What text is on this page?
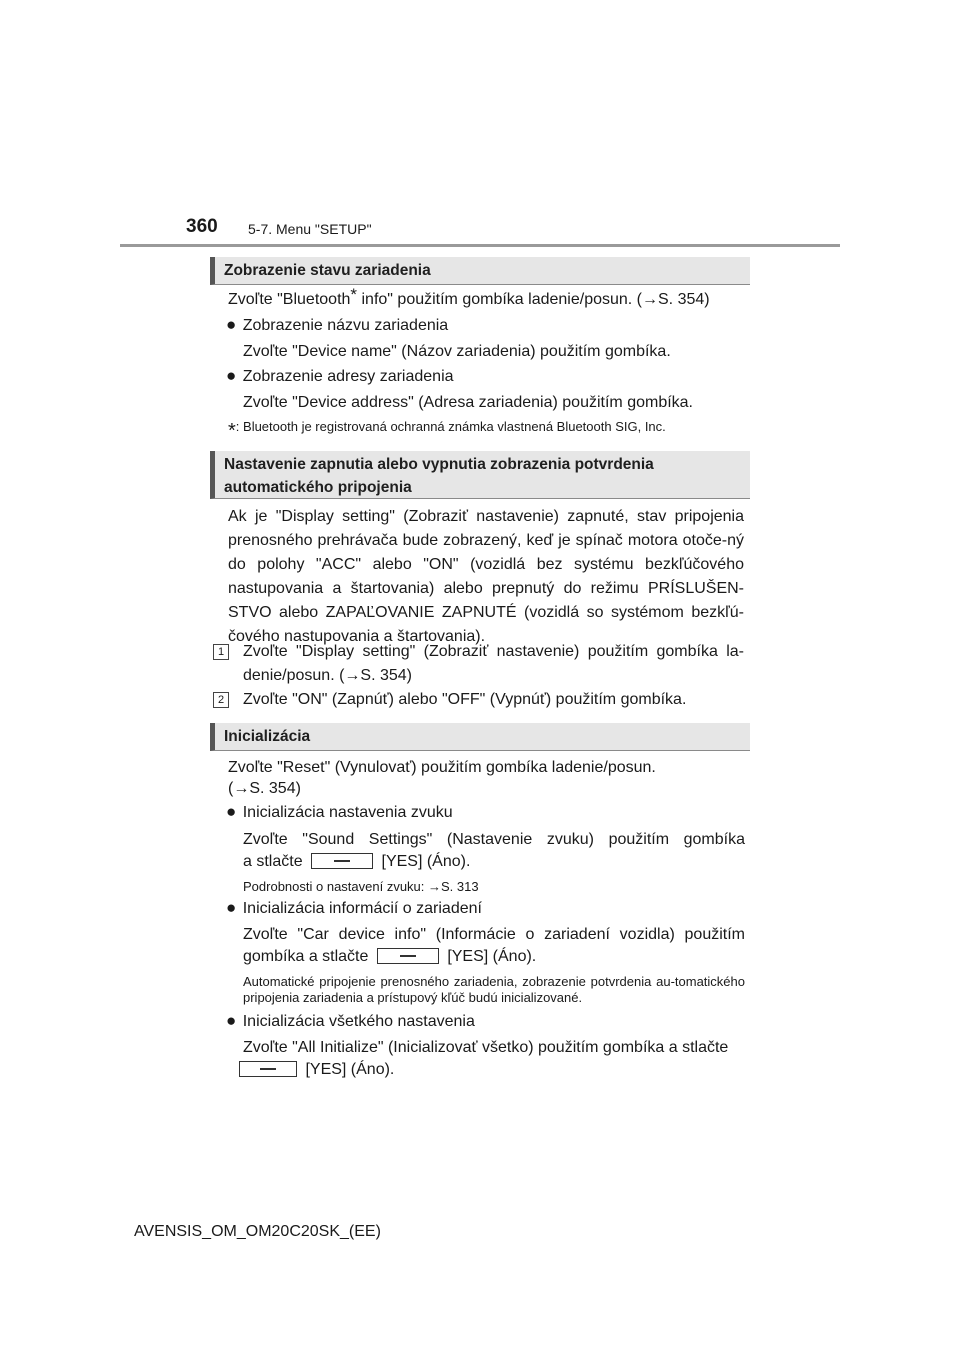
360 5-7. Menu "SETUP"
Zobrazenie stavu zariadenia
Zvoľte "Bluetooth* info" použitím gombíka ladenie/posun. (→S. 354)
● Zobrazenie názvu zariadenia
Zvoľte "Device name" (Názov zariadenia) použitím gombíka.
● Zobrazenie adresy zariadenia
Zvoľte "Device address" (Adresa zariadenia) použitím gombíka.
*: Bluetooth je registrovaná ochranná známka vlastnená Bluetooth SIG, Inc.
Nastavenie zapnutia alebo vypnutia zobrazenia potvrdenia
automatického pripojenia
Ak je "Display setting" (Zobraziť nastavenie) zapnuté, stav pripojenia prenosného prehrávača bude zobrazený, keď je spínač motora otoče-ný do polohy "ACC" alebo "ON" (vozidlá bez systému bezkľúčového nastupovania a štartovania) alebo prepnutý do režimu PRÍSLUŠEN-STVO alebo ZAPAĽOVANIE ZAPNUTÉ (vozidlá so systémom bezkľú-čového nastupovania a štartovania).
1	Zvoľte "Display setting" (Zobraziť nastavenie) použitím gombíka la-denie/posun. (→S. 354)
2	Zvoľte "ON" (Zapnúť) alebo "OFF" (Vypnúť) použitím gombíka.
Inicializácia
Zvoľte "Reset" (Vynulovať) použitím gombíka ladenie/posun.
(→S. 354)
● Inicializácia nastavenia zvuku
Zvoľte "Sound Settings" (Nastavenie zvuku) použitím gombíka
a stlačte	[YES] (Áno).
Podrobnosti o nastavení zvuku: →S. 313
● Inicializácia informácií o zariadení
Zvoľte "Car device info" (Informácie o zariadení vozidla) použitím
gombíka a stlačte	[YES] (Áno).
Automatické pripojenie prenosného zariadenia, zobrazenie potvrdenia au-tomatického pripojenia zariadenia a prístupový kľúč budú inicializované.
● Inicializácia všetkého nastavenia
Zvoľte "All Initialize" (Inicializovať všetko) použitím gombíka a stlačte
[YES] (Áno).
AVENSIS_OM_OM20C20SK_(EE)
